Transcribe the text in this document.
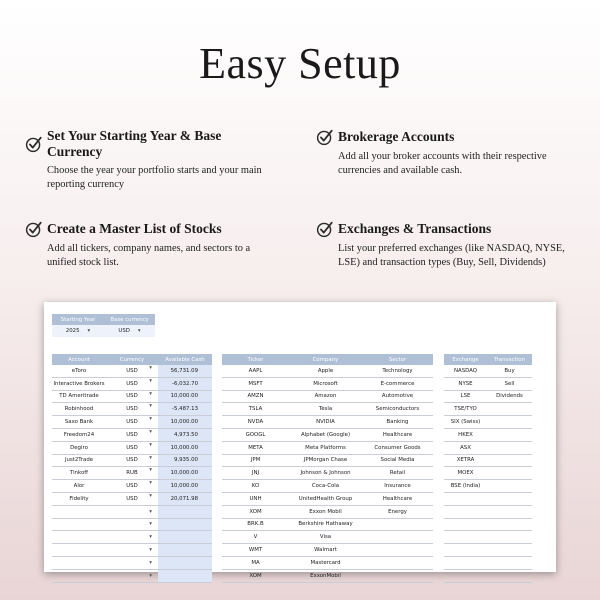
Easy Setup
Set Your Starting Year & Base Currency
Choose the year your portfolio starts and your main reporting currency
Brokerage Accounts
Add all your broker accounts with their respective currencies and available cash.
Create a Master List of Stocks
Add all tickers, company names, and sectors to a unified stock list.
Exchanges & Transactions
List your preferred exchanges (like NASDAQ, NYSE, LSE) and transaction types (Buy, Sell, Dividends)
Starting Year	Base currency
2025 ▾	USD ▾
Account	Currency	Available Cash
eToro	USD ▾	56,731.09
Interactive Brokers	USD ▾	-6,032.70
TD Ameritrade	USD ▾	10,000.00
Robinhood	USD ▾	-5,487.13
Saxo Bank	USD ▾	10,000.00
Freedom24	USD ▾	4,973.50
Degiro	USD ▾	10,000.00
Just2Trade	USD ▾	9,935.00
Tinkoff	RUB ▾	10,000.00
Alor	USD ▾	10,000.00
Fidelity	USD ▾	20,071.98
	▾	
	▾	
	▾	
	▾	
	▾	
	▾	
Ticker	Company	Sector
AAPL	Apple	Technology
MSFT	Microsoft	E-commerce
AMZN	Amazon	Automotive
TSLA	Tesla	Semiconductors
NVDA	NVIDIA	Banking
GOOGL	Alphabet (Google)	Healthcare
META	Meta Platforms	Consumer Goods
JPM	JPMorgan Chase	Social Media
JNJ	Johnson & Johnson	Retail
KO	Coca-Cola	Insurance
UNH	UnitedHealth Group	Healthcare
XOM	Exxon Mobil	Energy
BRK.B	Berkshire Hathaway	
V	Visa	
WMT	Walmart	
MA	Mastercard	
XOM	ExxonMobil	
Exchange	Transaction
NASDAQ	Buy
NYSE	Sell
LSE	Dividends
TSE/TYO	
SIX (Swiss)	
HKEX	
ASX	
XETRA	
MOEX	
BSE (India)	
